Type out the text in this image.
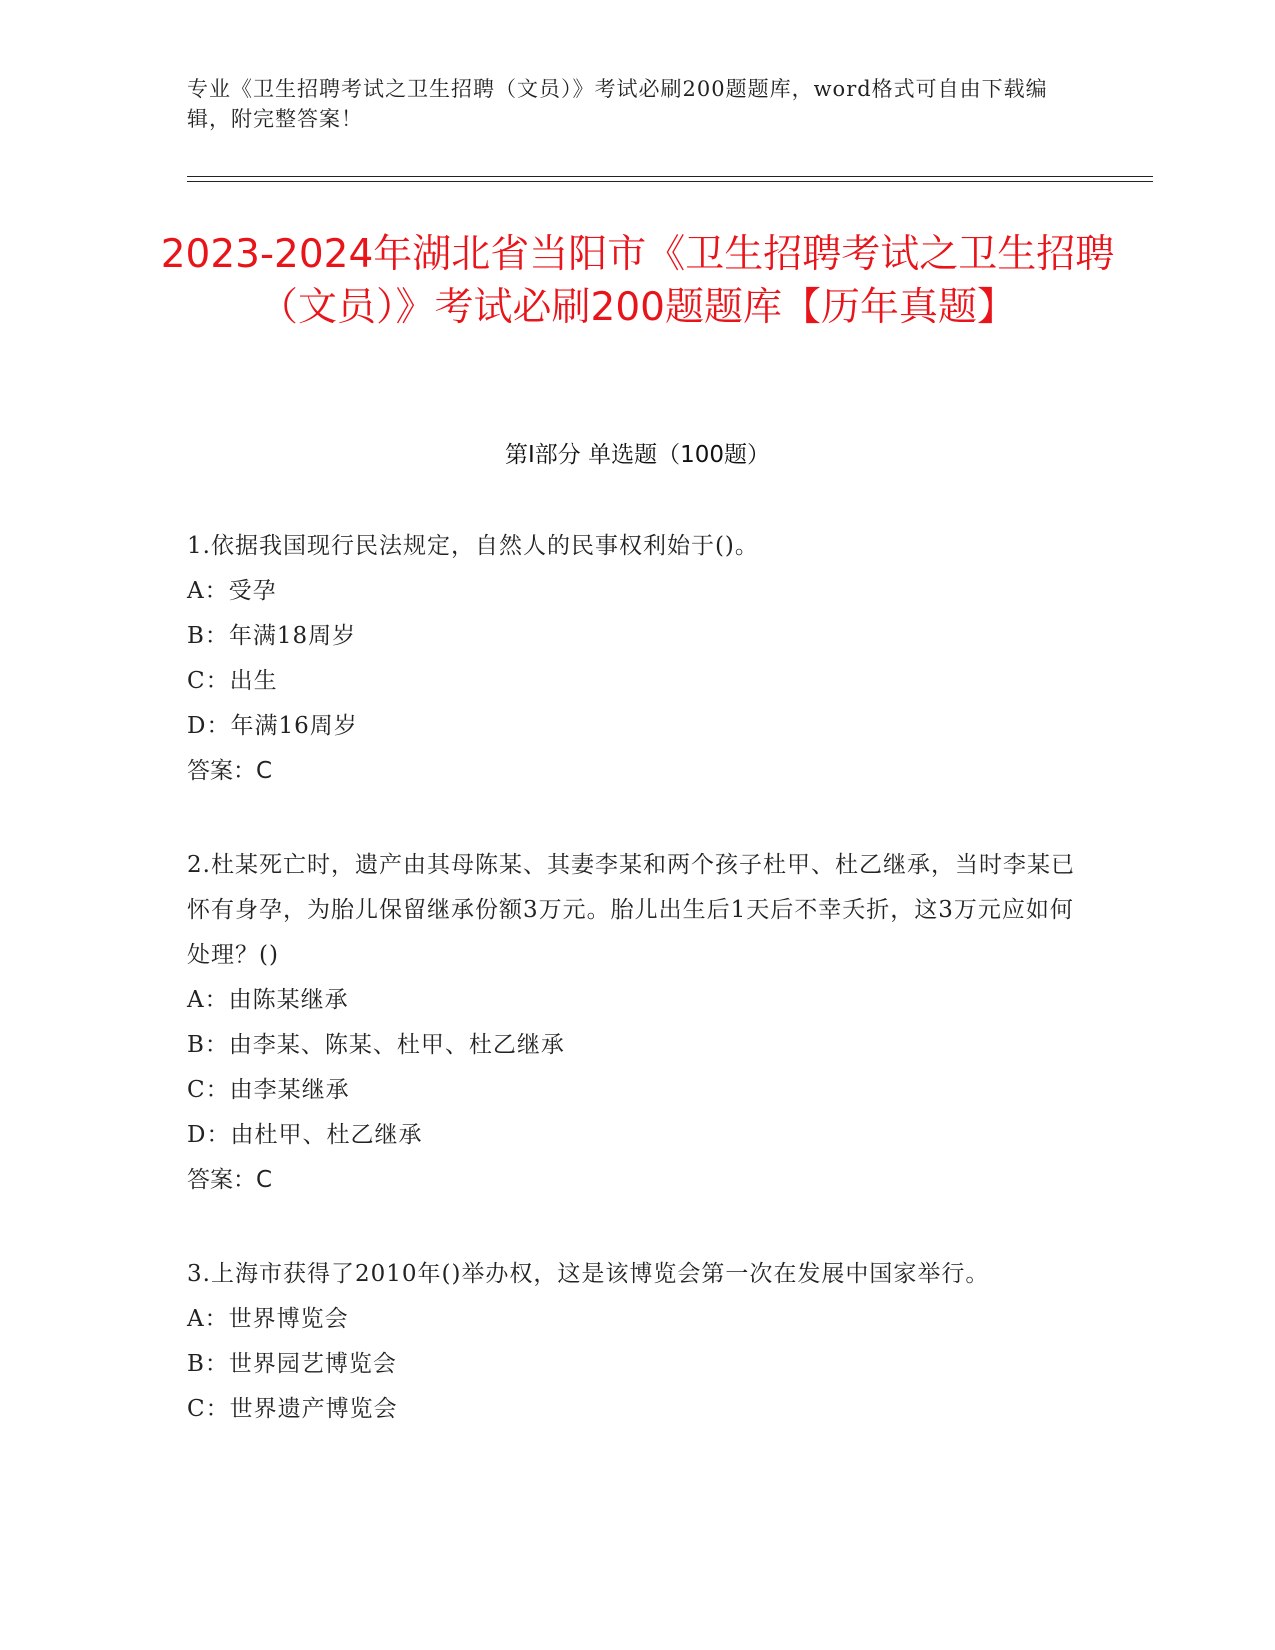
专业《卫生招聘考试之卫生招聘（文员）》考试必刷200题题库，word格式可自由下载编辑，附完整答案！
2023-2024年湖北省当阳市《卫生招聘考试之卫生招聘（文员）》考试必刷200题题库【历年真题】
第Ⅰ部分 单选题（100题）
1.依据我国现行民法规定，自然人的民事权利始于()。
A：受孕
B：年满18周岁
C：出生
D：年满16周岁
答案：C
2.杜某死亡时，遗产由其母陈某、其妻李某和两个孩子杜甲、杜乙继承，当时李某已怀有身孕，为胎儿保留继承份额3万元。胎儿出生后1天后不幸夭折，这3万元应如何处理？()
A：由陈某继承
B：由李某、陈某、杜甲、杜乙继承
C：由李某继承
D：由杜甲、杜乙继承
答案：C
3.上海市获得了2010年()举办权，这是该博览会第一次在发展中国家举行。
A：世界博览会
B：世界园艺博览会
C：世界遗产博览会
